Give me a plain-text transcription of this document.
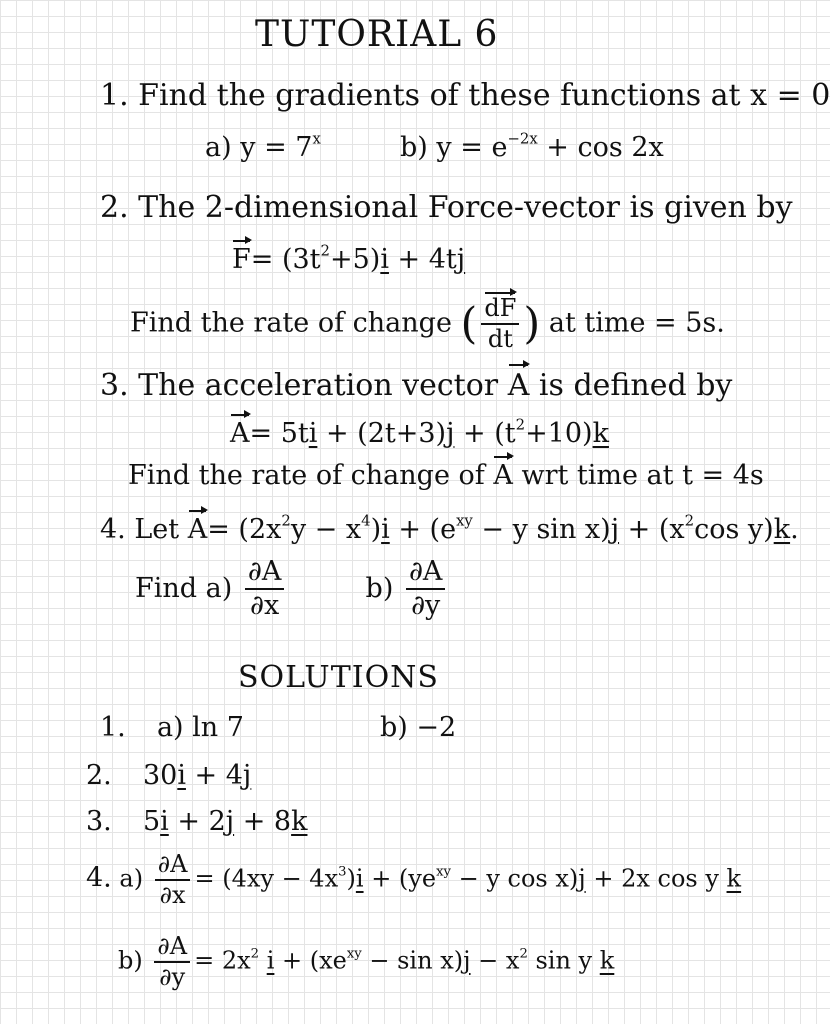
TUTORIAL 6
1. Find the gradients of these functions at x = 0
a) $y = 7^x$	b) $y = e^{-2x} + \cos 2x$
2. The 2-dimensional Force-vector is given by
$F= (3t^2+5)i + 4tj$
Find the rate of change ( $\frac{dF}{dt}$ ) at time = 5s.
3. The acceleration vector A is defined by
$A= 5ti + (2t+3)j + (t^2+10)k$
Find the rate of change of A wrt time at t = 4s
4. Let $A= (2x^2y - x^4)i + (e^{xy} - y$ $\sin x)j + (x^2\cos$ y)k.
Find $a) \frac{\partial A}{\partial x}$	$b) \frac{\partial A}{\partial y}$
SOLUTIONS
1. a) ln 7	b) −2
2. 30i + 4j
3. 5i + 2j + 8k
4. $a) \frac{\partial A}{\partial x} = (4xy - 4x^3)i + (ye^{xy} - y$ cos x)j + 2x cos y k
$b) \frac{\partial A}{\partial y} = 2x^2$ $i + (xe^{xy} - \sin x)j - x^2$ sin y k
